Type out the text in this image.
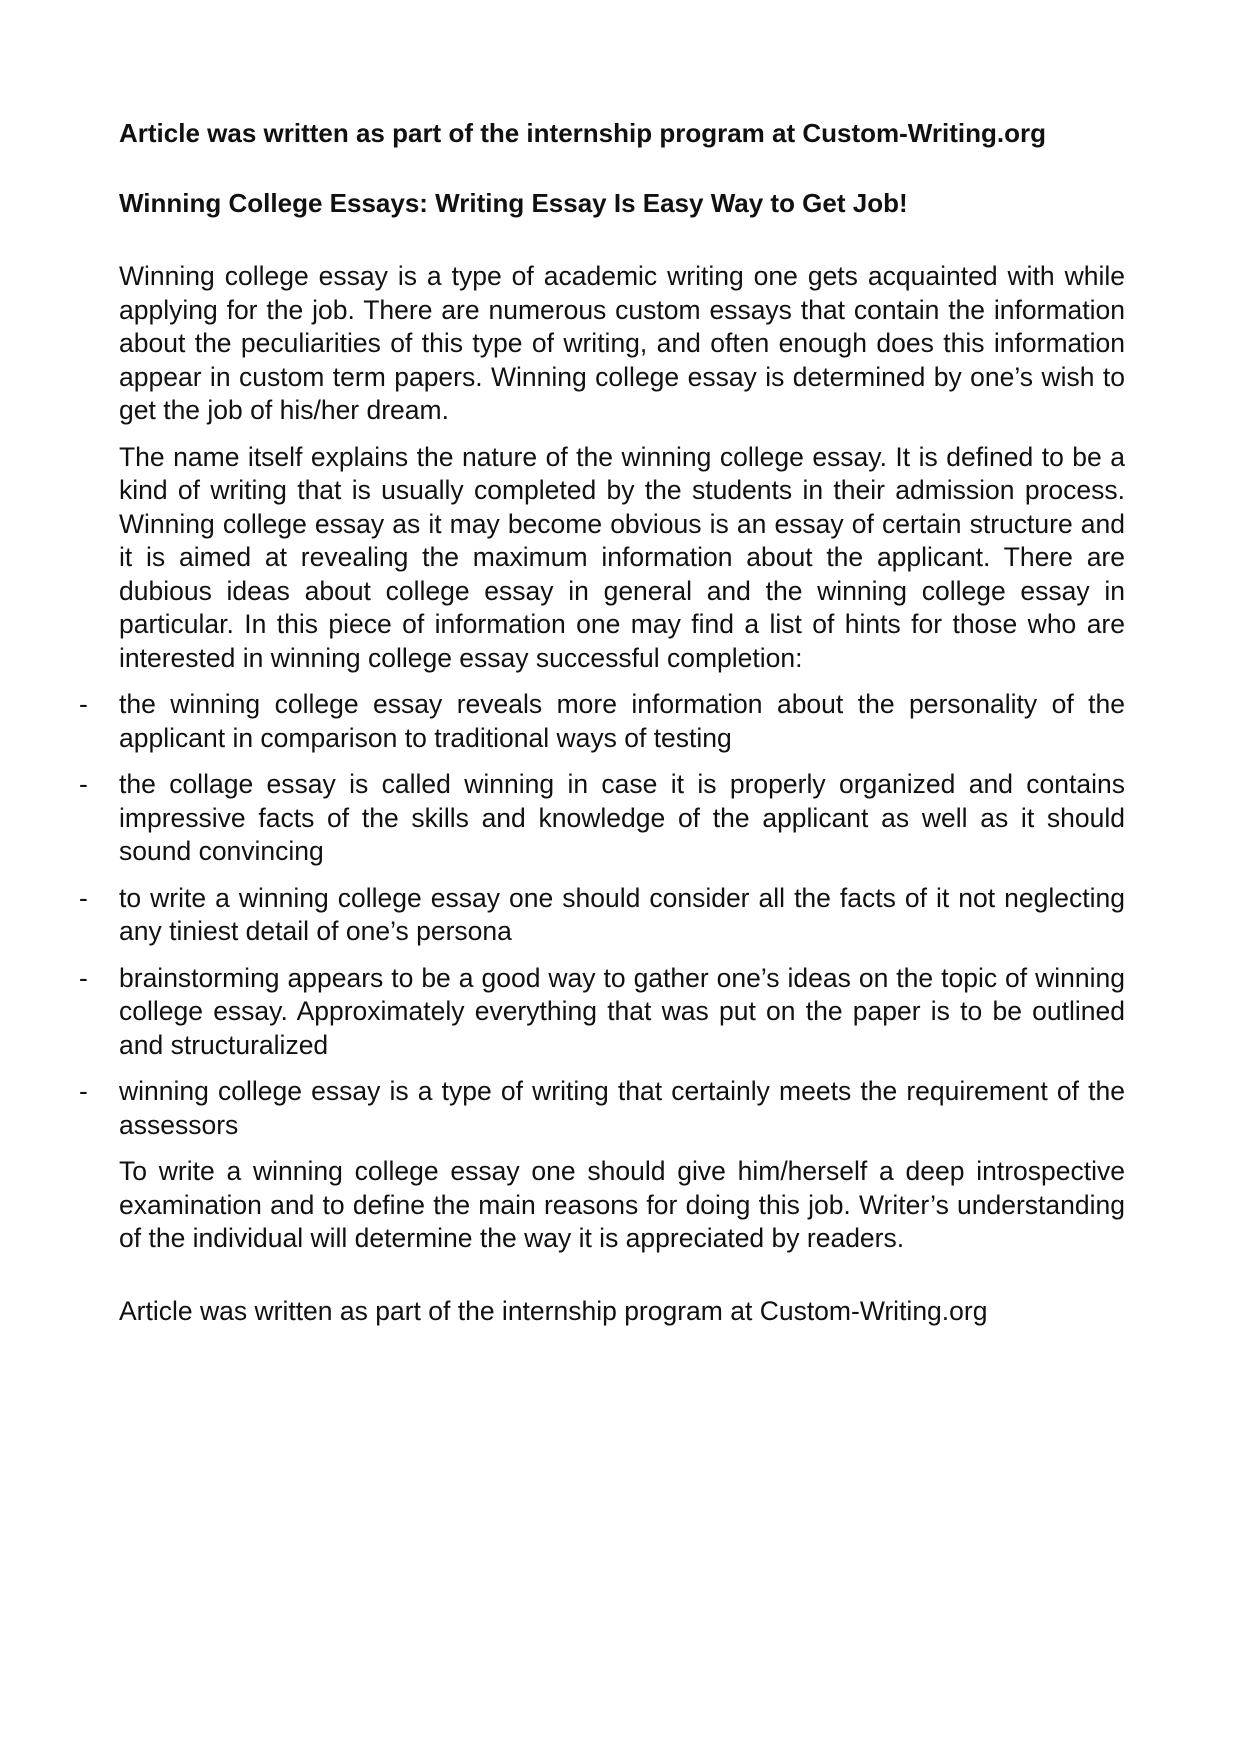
Article was written as part of the internship program at Custom-Writing.org

Winning College Essays: Writing Essay Is Easy Way to Get Job!

Winning college essay is a type of academic writing one gets acquainted with while applying for the job. There are numerous custom essays that contain the information about the peculiarities of this type of writing, and often enough does this information appear in custom term papers. Winning college essay is determined by one’s wish to get the job of his/her dream.

The name itself explains the nature of the winning college essay. It is defined to be a kind of writing that is usually completed by the students in their admission process. Winning college essay as it may become obvious is an essay of certain structure and it is aimed at revealing the maximum information about the applicant. There are dubious ideas about college essay in general and the winning college essay in particular. In this piece of information one may find a list of hints for those who are interested in winning college essay successful completion:

- the winning college essay reveals more information about the personality of the applicant in comparison to traditional ways of testing
- the collage essay is called winning in case it is properly organized and contains impressive facts of the skills and knowledge of the applicant as well as it should sound convincing
- to write a winning college essay one should consider all the facts of it not neglecting any tiniest detail of one’s persona
- brainstorming appears to be a good way to gather one’s ideas on the topic of winning college essay. Approximately everything that was put on the paper is to be outlined and structuralized
- winning college essay is a type of writing that certainly meets the requirement of the assessors

To write a winning college essay one should give him/herself a deep introspective examination and to define the main reasons for doing this job. Writer’s understanding of the individual will determine the way it is appreciated by readers.

Article was written as part of the internship program at Custom-Writing.org
